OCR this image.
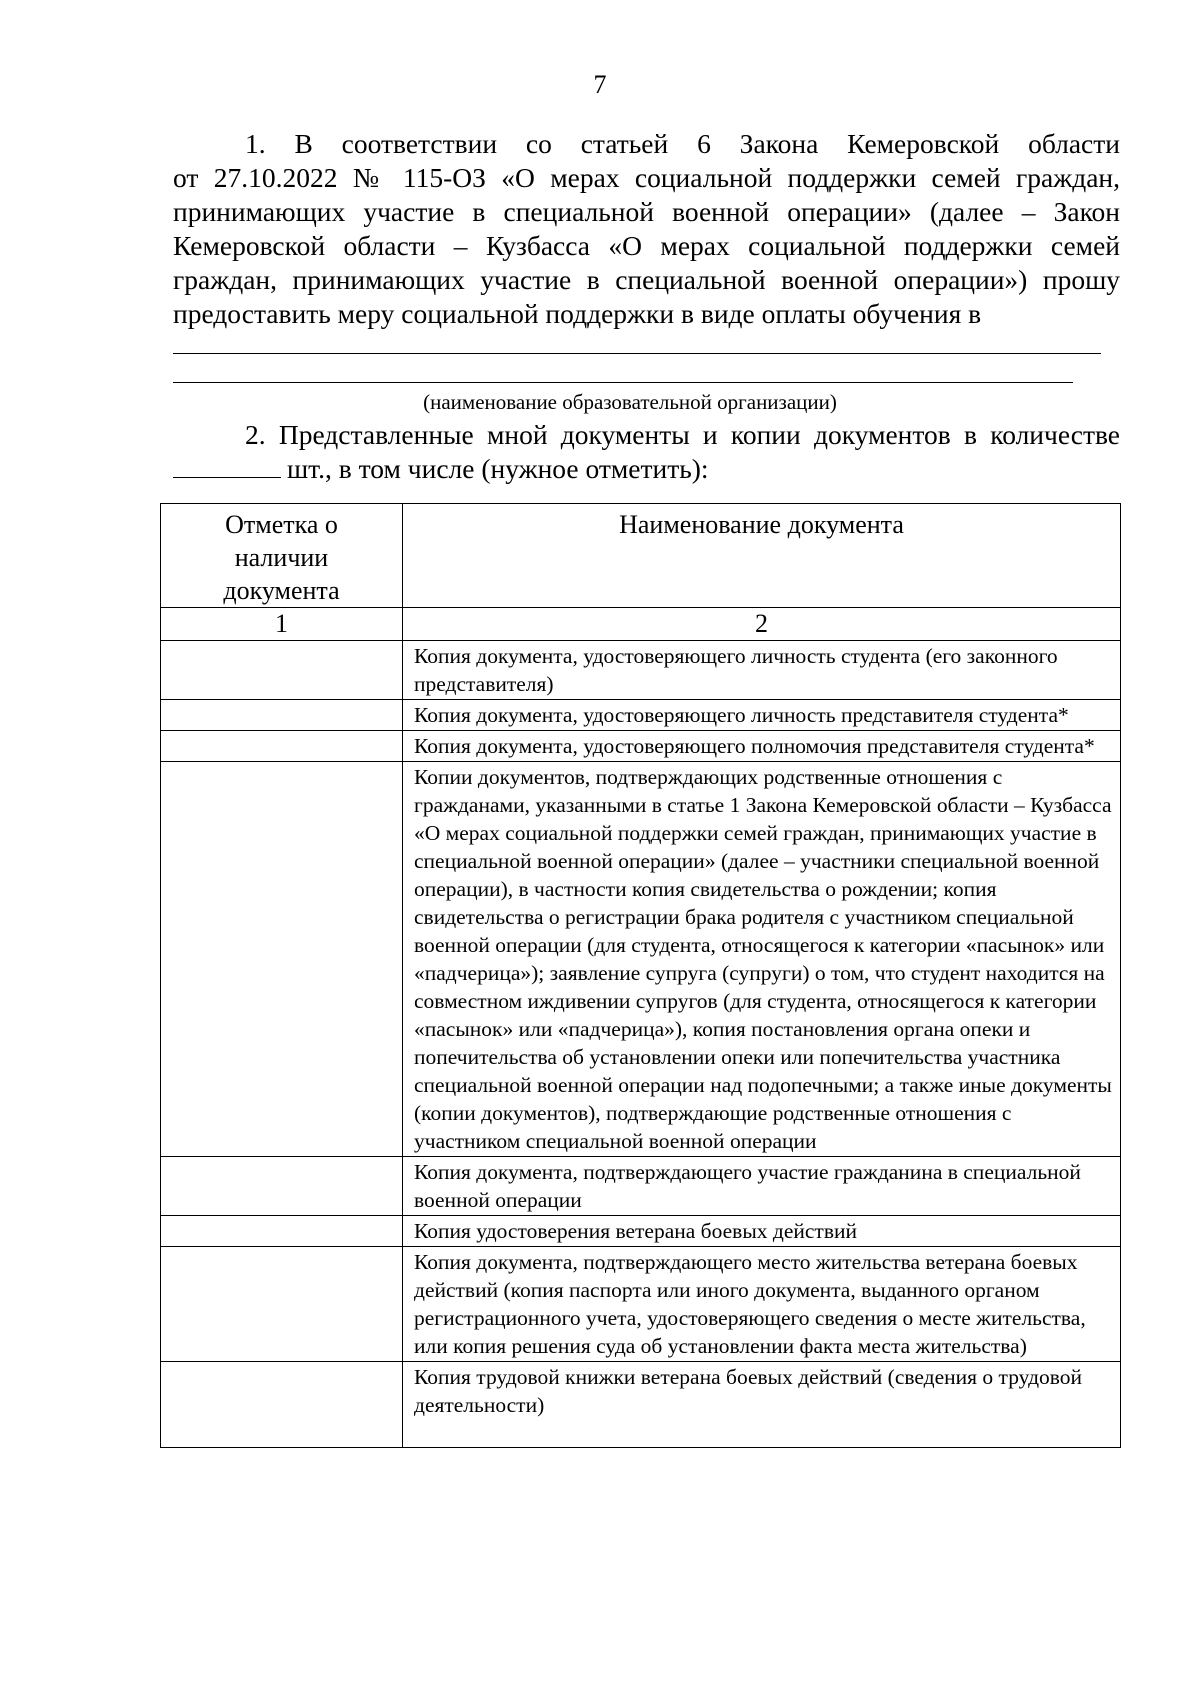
7
1. В соответствии со статьей 6 Закона Кемеровской области
от 27.10.2022 № 115-ОЗ «О мерах социальной поддержки семей граждан,
принимающих участие в специальной военной операции» (далее – Закон
Кемеровской области – Кузбасса «О мерах социальной поддержки семей
граждан, принимающих участие в специальной военной операции») прошу
предоставить меру социальной поддержки в виде оплаты обучения в
(наименование образовательной организации)
2. Представленные мной документы и копии документов в количестве
шт., в том числе (нужное отметить):
Отметка о наличии документа	Наименование документа
1	2
	Копия документа, удостоверяющего личность студента (его законного представителя)
	Копия документа, удостоверяющего личность представителя студента*
	Копия документа, удостоверяющего полномочия представителя студента*
	Копии документов, подтверждающих родственные отношения с гражданами, указанными в статье 1 Закона Кемеровской области – Кузбасса «О мерах социальной поддержки семей граждан, принимающих участие в специальной военной операции» (далее – участники специальной военной операции), в частности копия свидетельства о рождении; копия свидетельства о регистрации брака родителя с участником специальной военной операции (для студента, относящегося к категории «пасынок» или «падчерица»); заявление супруга (супруги) о том, что студент находится на совместном иждивении супругов (для студента, относящегося к категории «пасынок» или «падчерица»), копия постановления органа опеки и попечительства об установлении опеки или попечительства участника специальной военной операции над подопечными; а также иные документы (копии документов), подтверждающие родственные отношения с участником специальной военной операции
	Копия документа, подтверждающего участие гражданина в специальной военной операции
	Копия удостоверения ветерана боевых действий
	Копия документа, подтверждающего место жительства ветерана боевых действий (копия паспорта или иного документа, выданного органом регистрационного учета, удостоверяющего сведения о месте жительства, или копия решения суда об установлении факта места жительства)
	Копия трудовой книжки ветерана боевых действий (сведения о трудовой деятельности)
